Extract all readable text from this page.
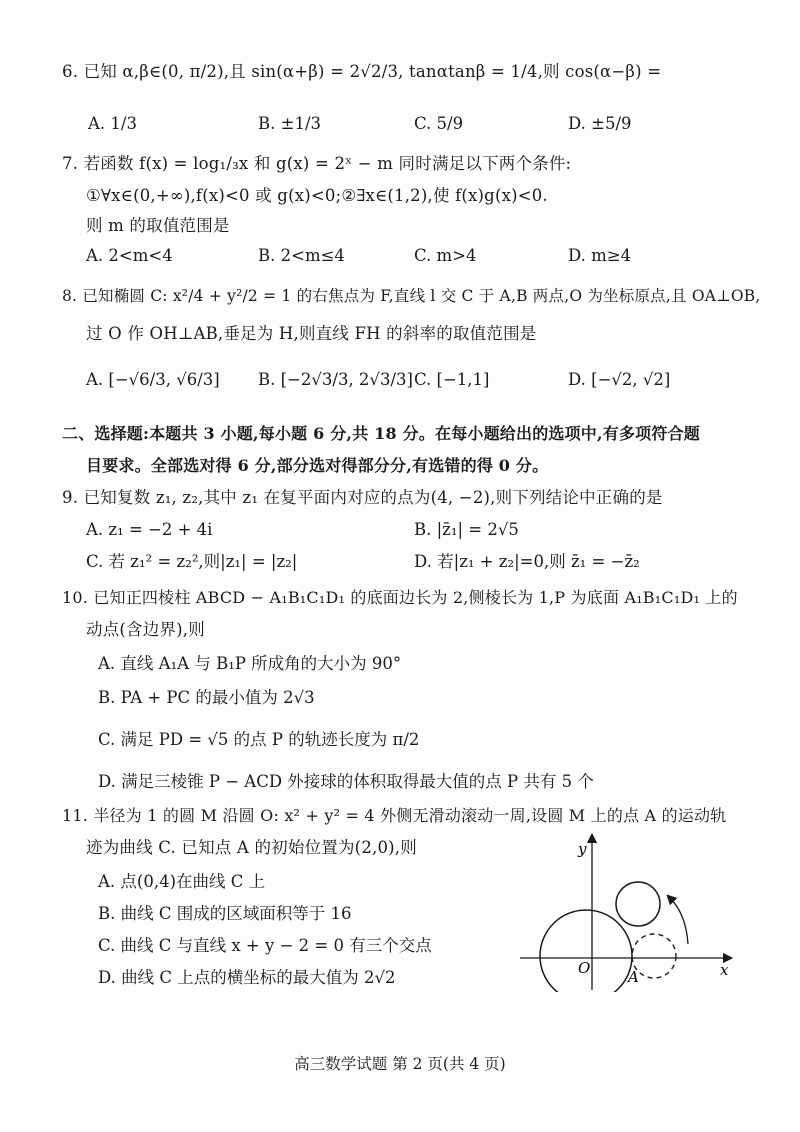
6. 已知 α,β∈(0, π/2),且 sin(α+β) = 2√2/3, tanαtanβ = 1/4,则 cos(α−β) =
A. 1/3	B. ±1/3	C. 5/9	D. ±5/9
7. 若函数 f(x) = log₁/₃x 和 g(x) = 2ˣ − m 同时满足以下两个条件:
①∀x∈(0,+∞),f(x)<0 或 g(x)<0;②∃x∈(1,2),使 f(x)g(x)<0.
则 m 的取值范围是
A. 2<m<4	B. 2<m≤4	C. m>4	D. m≥4
8. 已知椭圆 C: x²/4 + y²/2 = 1 的右焦点为 F,直线 l 交 C 于 A,B 两点,O 为坐标原点,且 OA⊥OB,
过 O 作 OH⊥AB,垂足为 H,则直线 FH 的斜率的取值范围是
A. [−√6/3, √6/3] B. [−2√3/3, 2√3/3] C. [−1,1]	D. [−√2, √2]
二、选择题:本题共 3 小题,每小题 6 分,共 18 分。在每小题给出的选项中,有多项符合题
目要求。全部选对得 6 分,部分选对得部分分,有选错的得 0 分。
9. 已知复数 z₁, z₂,其中 z₁ 在复平面内对应的点为(4, −2),则下列结论中正确的是
A. z₁ = −2 + 4i	B. |z̄₁| = 2√5
C. 若 z₁² = z₂²,则|z₁| = |z₂|	D. 若|z₁ + z₂|=0,则 z̄₁ = −z̄₂
10. 已知正四棱柱 ABCD − A₁B₁C₁D₁ 的底面边长为 2,侧棱长为 1,P 为底面 A₁B₁C₁D₁ 上的
动点(含边界),则
A. 直线 A₁A 与 B₁P 所成角的大小为 90°
B. PA + PC 的最小值为 2√3
C. 满足 PD = √5 的点 P 的轨迹长度为 π/2
D. 满足三棱锥 P − ACD 外接球的体积取得最大值的点 P 共有 5 个
11. 半径为 1 的圆 M 沿圆 O: x² + y² = 4 外侧无滑动滚动一周,设圆 M 上的点 A 的运动轨
迹为曲线 C. 已知点 A 的初始位置为(2,0),则
A. 点(0,4)在曲线 C 上
B. 曲线 C 围成的区域面积等于 16
C. 曲线 C 与直线 x + y − 2 = 0 有三个交点
D. 曲线 C 上点的横坐标的最大值为 2√2
y
x
O	A
高三数学试题 第 2 页(共 4 页)
